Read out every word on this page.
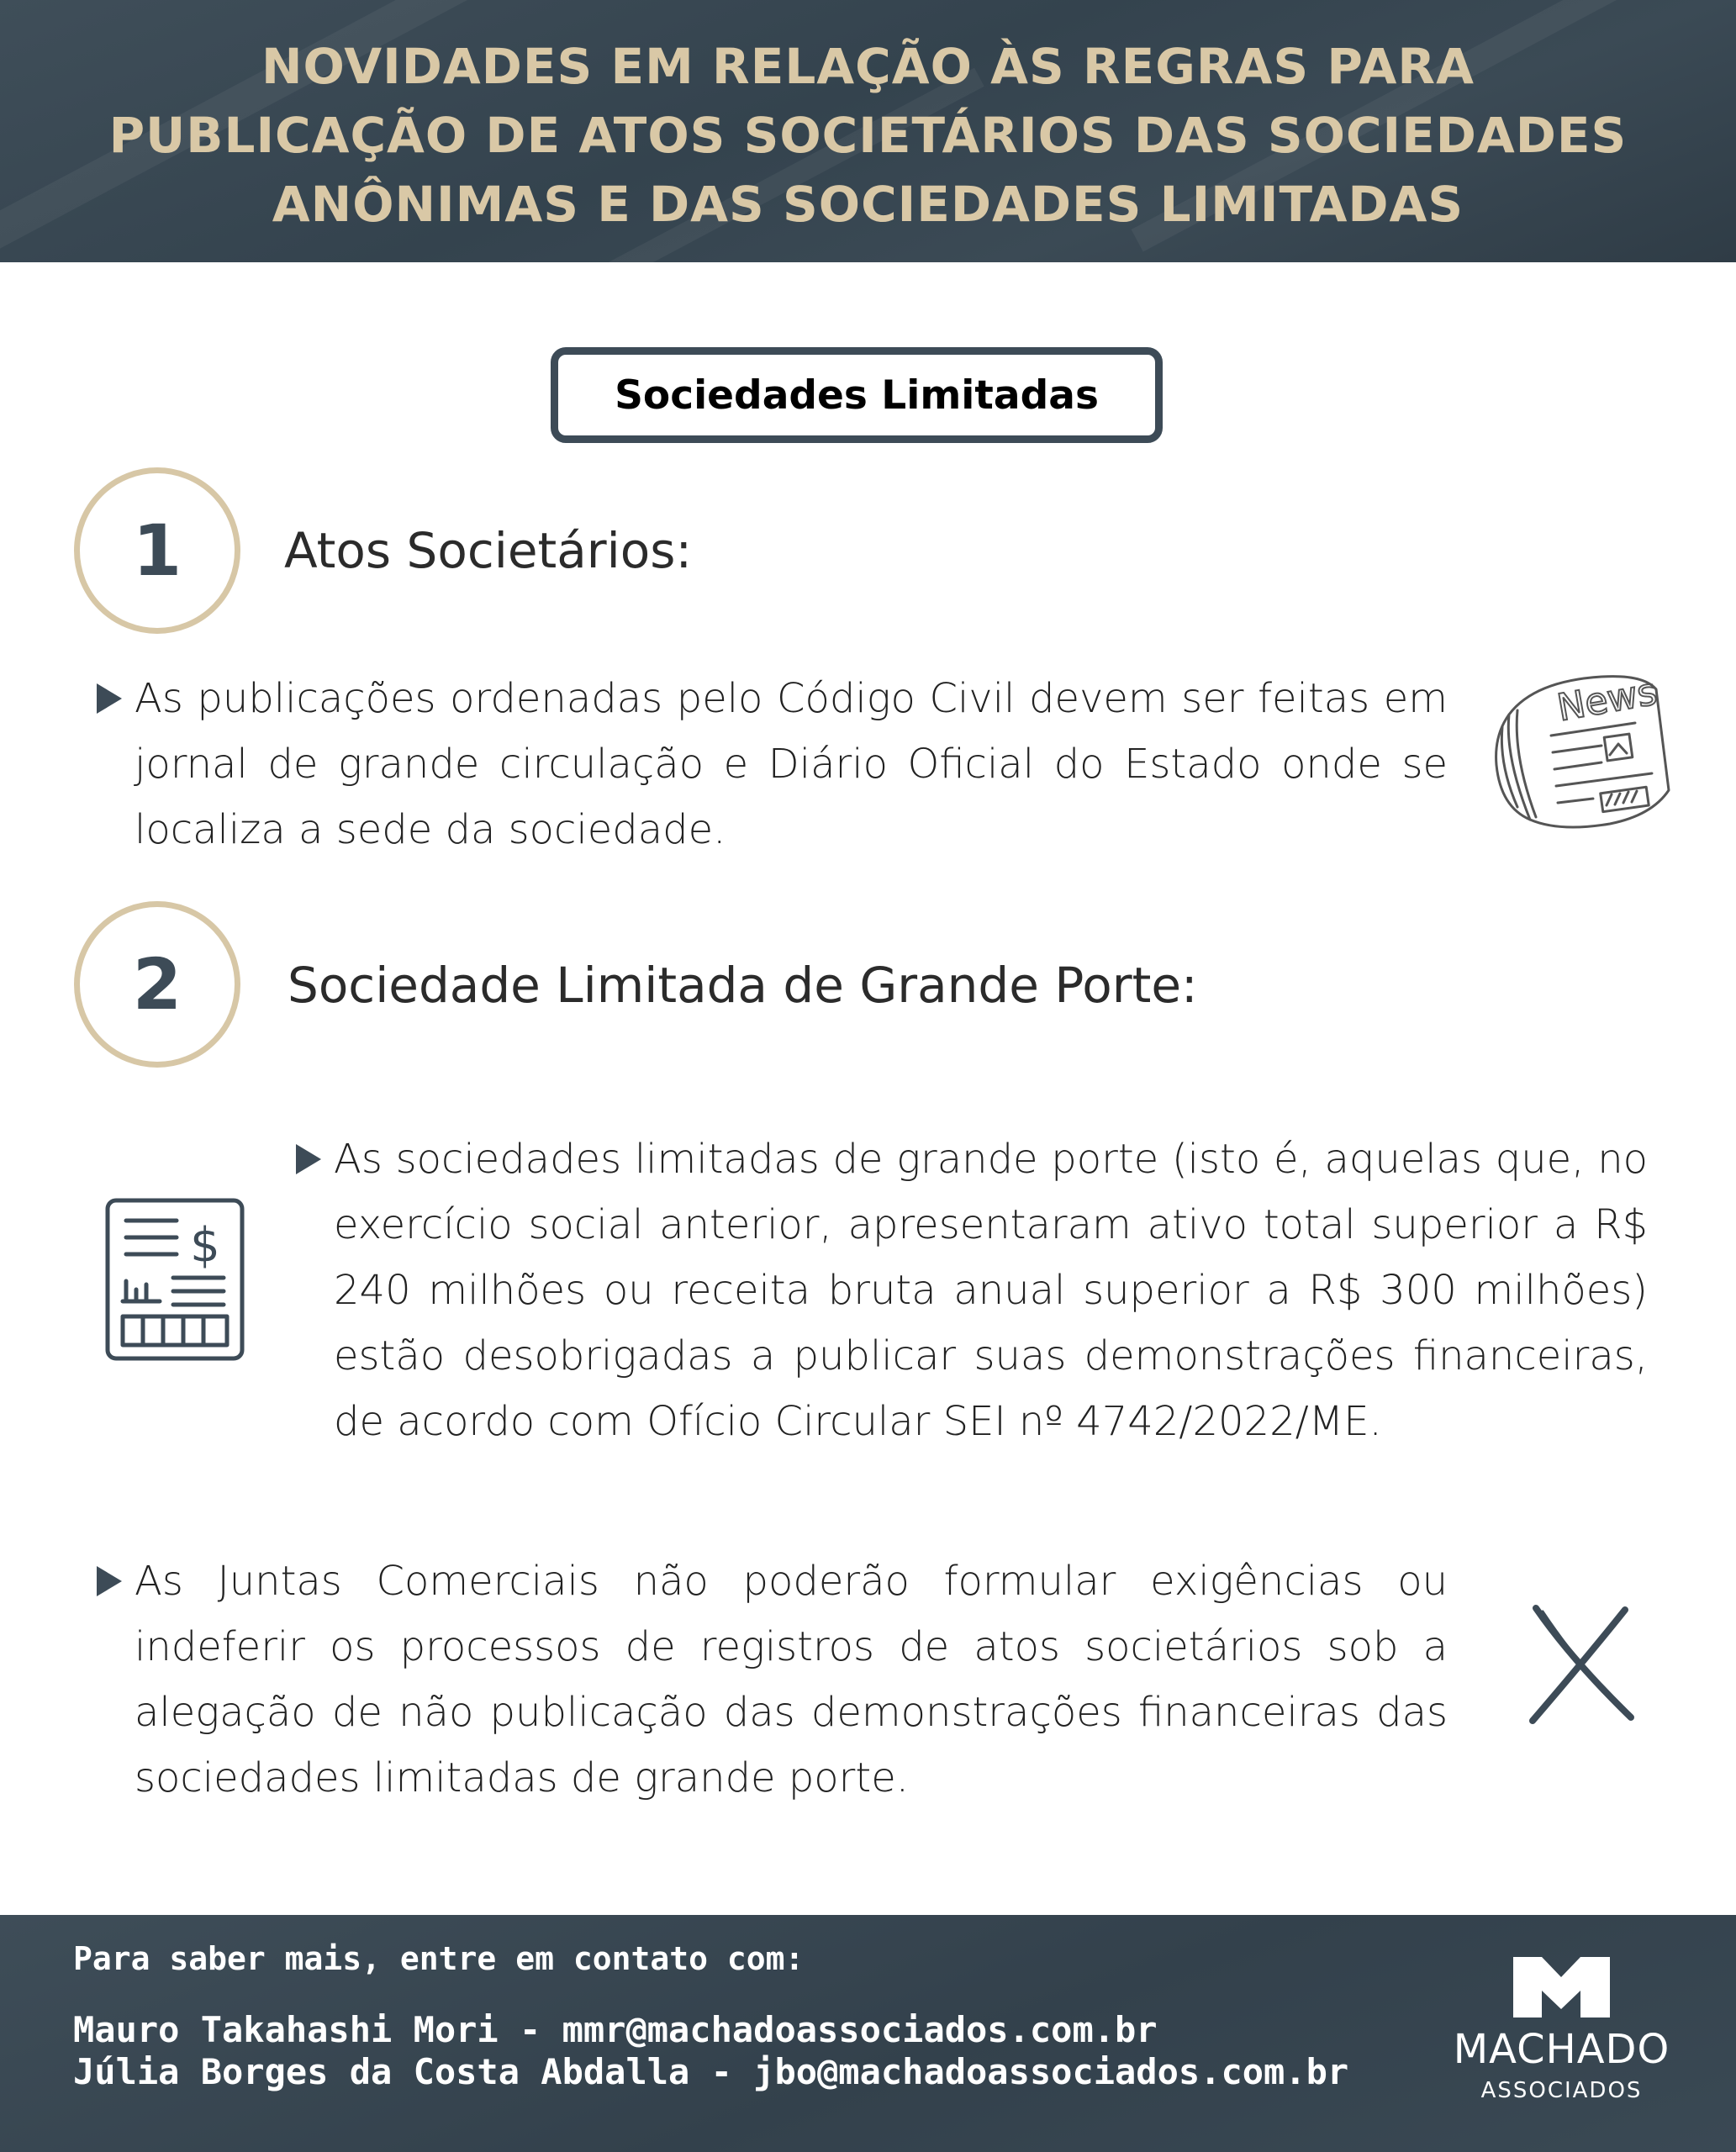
NOVIDADES EM RELAÇÃO ÀS REGRAS PARA PUBLICAÇÃO DE ATOS SOCIETÁRIOS DAS SOCIEDADES ANÔNIMAS E DAS SOCIEDADES LIMITADAS
Sociedades Limitadas
1 Atos Societários:

As publicações ordenadas pelo Código Civil devem ser feitas em jornal de grande circulação e Diário Oficial do Estado onde se localiza a sede da sociedade.

News
2 Sociedade Limitada de Grande Porte:
$

As sociedades limitadas de grande porte (isto é, aquelas que, no exercício social anterior, apresentaram ativo total superior a R$ 240 milhões ou receita bruta anual superior a R$ 300 milhões) estão desobrigadas a publicar suas demonstrações financeiras, de acordo com Ofício Circular SEI nº 4742/2022/ME.

As Juntas Comerciais não poderão formular exigências ou indeferir os processos de registros de atos societários sob a alegação de não publicação das demonstrações financeiras das sociedades limitadas de grande porte.

Para saber mais, entre em contato com:
Mauro Takahashi Mori - mmr@machadoassociados.com.br
Júlia Borges da Costa Abdalla - jbo@machadoassociados.com.br	MACHADO
ASSOCIADOS
